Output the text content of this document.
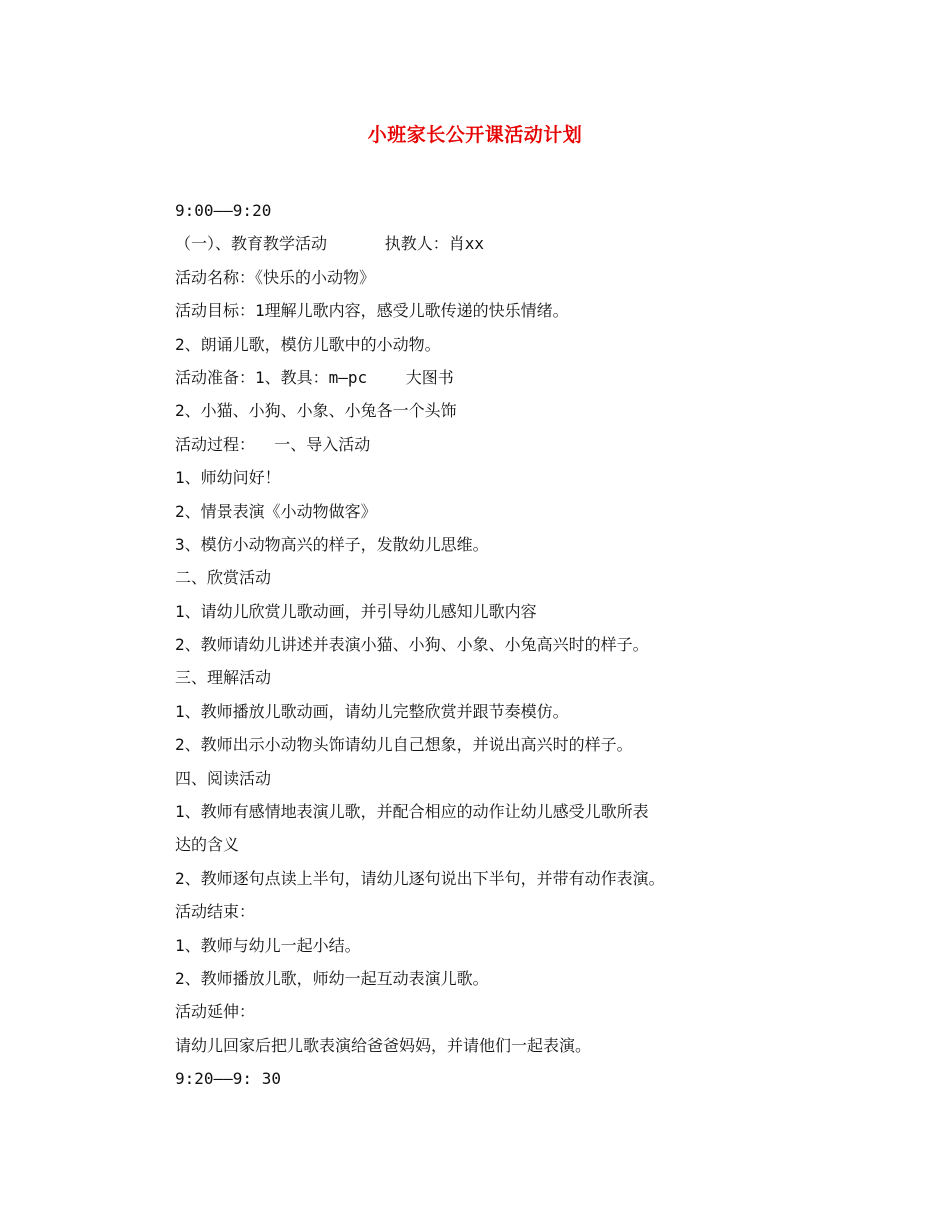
小班家长公开课活动计划
9:00——9:20
（一）、教育教学活动      执教人：肖xx
活动名称：《快乐的小动物》
活动目标：1理解儿歌内容，感受儿歌传递的快乐情绪。
2、朗诵儿歌，模仿儿歌中的小动物。
活动准备：1、教具：m—pc    大图书
2、小猫、小狗、小象、小兔各一个头饰
活动过程：  一、导入活动
1、师幼问好！
2、情景表演《小动物做客》
3、模仿小动物高兴的样子，发散幼儿思维。
二、欣赏活动
1、请幼儿欣赏儿歌动画，并引导幼儿感知儿歌内容
2、教师请幼儿讲述并表演小猫、小狗、小象、小兔高兴时的样子。
三、理解活动
1、教师播放儿歌动画，请幼儿完整欣赏并跟节奏模仿。
2、教师出示小动物头饰请幼儿自己想象，并说出高兴时的样子。
四、阅读活动
1、教师有感情地表演儿歌，并配合相应的动作让幼儿感受儿歌所表
达的含义
2、教师逐句点读上半句，请幼儿逐句说出下半句，并带有动作表演。
活动结束：
1、教师与幼儿一起小结。
2、教师播放儿歌，师幼一起互动表演儿歌。
活动延伸：
请幼儿回家后把儿歌表演给爸爸妈妈，并请他们一起表演。
9:20——9: 30
